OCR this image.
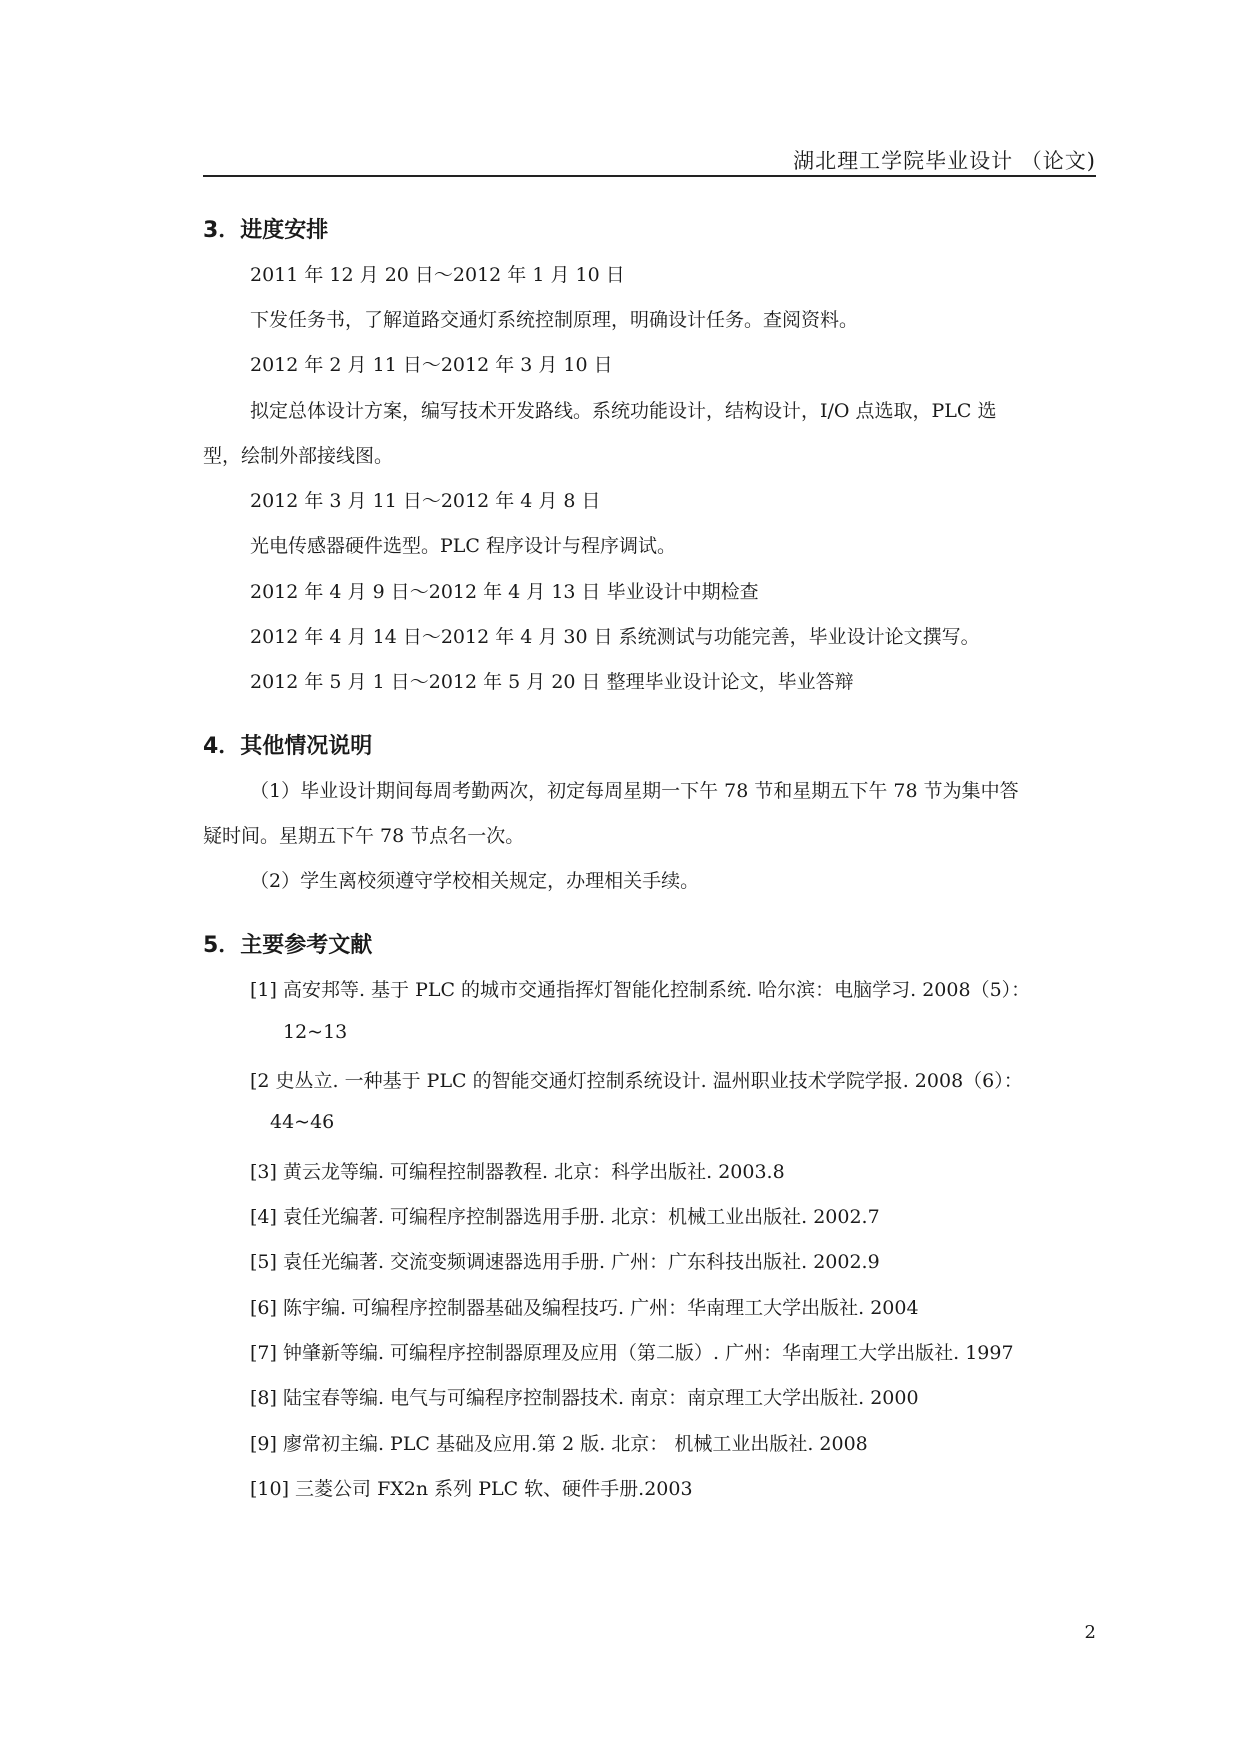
湖北理工学院毕业设计 （论文)
3．进度安排
2011 年 12 月 20 日～2012 年 1 月 10 日
下发任务书，了解道路交通灯系统控制原理，明确设计任务。查阅资料。
2012 年 2 月 11 日～2012 年 3 月 10 日
拟定总体设计方案，编写技术开发路线。系统功能设计，结构设计，I/O 点选取，PLC 选
型，绘制外部接线图。
2012 年 3 月 11 日～2012 年 4 月 8 日
光电传感器硬件选型。PLC 程序设计与程序调试。
2012 年 4 月 9 日～2012 年 4 月 13 日 毕业设计中期检查
2012 年 4 月 14 日～2012 年 4 月 30 日 系统测试与功能完善，毕业设计论文撰写。
2012 年 5 月 1 日～2012 年 5 月 20 日 整理毕业设计论文，毕业答辩
4．其他情况说明
（1）毕业设计期间每周考勤两次，初定每周星期一下午 78 节和星期五下午 78 节为集中答
疑时间。星期五下午 78 节点名一次。
（2）学生离校须遵守学校相关规定，办理相关手续。
5．主要参考文献
[1] 高安邦等. 基于 PLC 的城市交通指挥灯智能化控制系统. 哈尔滨：电脑学习. 2008（5）：
12~13
[2 史丛立. 一种基于 PLC 的智能交通灯控制系统设计. 温州职业技术学院学报. 2008（6）：
44~46
[3] 黄云龙等编. 可编程控制器教程. 北京：科学出版社. 2003.8
[4] 袁任光编著. 可编程序控制器选用手册. 北京：机械工业出版社. 2002.7
[5] 袁任光编著. 交流变频调速器选用手册. 广州：广东科技出版社. 2002.9
[6] 陈宇编. 可编程序控制器基础及编程技巧. 广州：华南理工大学出版社. 2004
[7] 钟肇新等编. 可编程序控制器原理及应用（第二版）. 广州：华南理工大学出版社. 1997
[8] 陆宝春等编. 电气与可编程序控制器技术. 南京：南京理工大学出版社. 2000
[9] 廖常初主编. PLC 基础及应用.第 2 版. 北京： 机械工业出版社. 2008
[10] 三菱公司 FX2n 系列 PLC 软、硬件手册.2003
2
